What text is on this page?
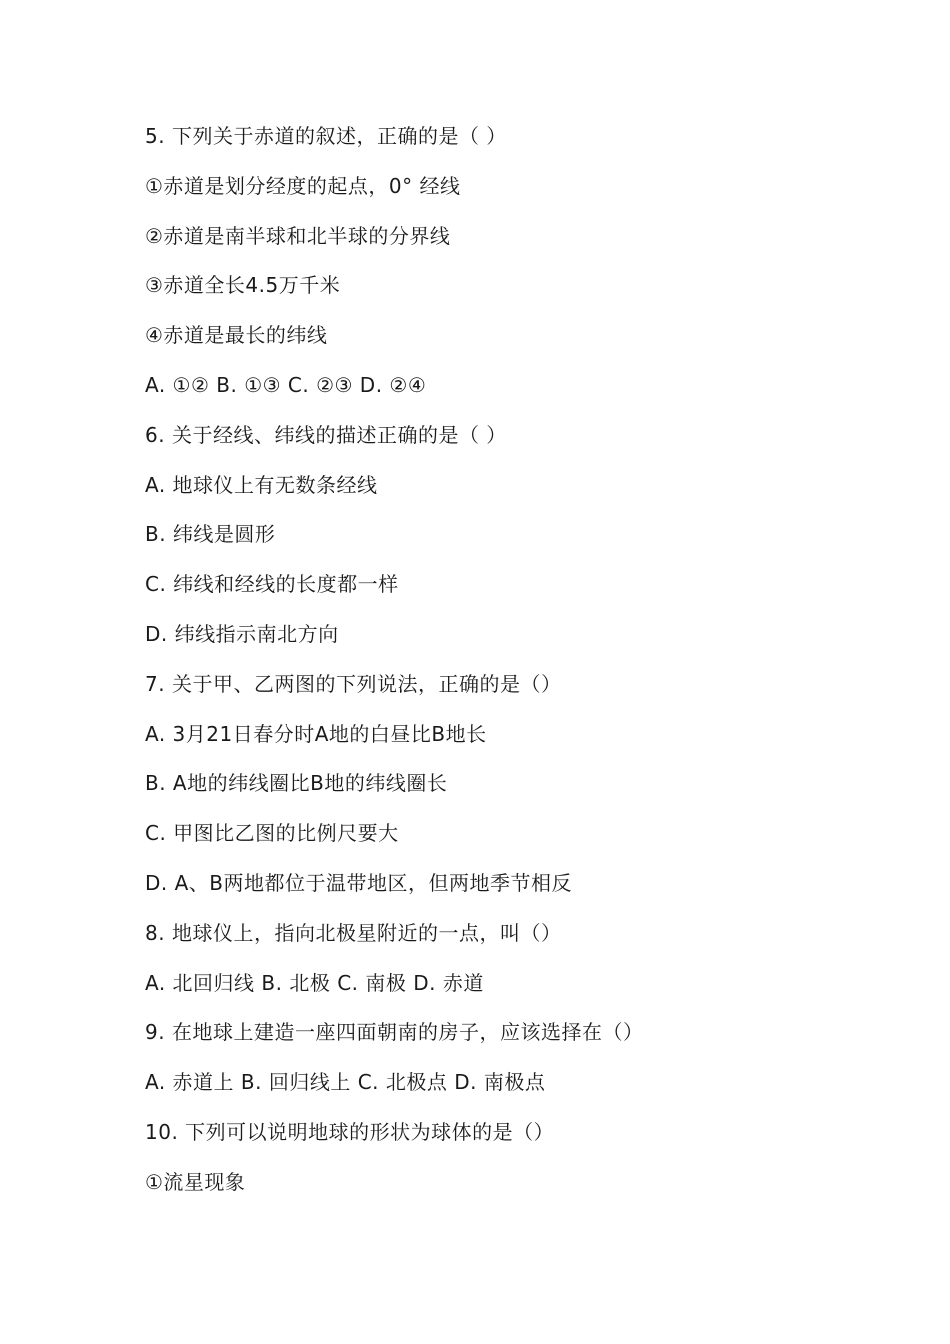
5. 下列关于赤道的叙述，正确的是（ ）
①赤道是划分经度的起点，0° 经线
②赤道是南半球和北半球的分界线
③赤道全长4.5万千米
④赤道是最长的纬线
A. ①② B. ①③ C. ②③ D. ②④
6. 关于经线、纬线的描述正确的是（ ）
A. 地球仪上有无数条经线
B. 纬线是圆形
C. 纬线和经线的长度都一样
D. 纬线指示南北方向
7. 关于甲、乙两图的下列说法，正确的是（）
A. 3月21日春分时A地的白昼比B地长
B. A地的纬线圈比B地的纬线圈长
C. 甲图比乙图的比例尺要大
D. A、B两地都位于温带地区，但两地季节相反
8. 地球仪上，指向北极星附近的一点，叫（）
A. 北回归线 B. 北极 C. 南极 D. 赤道
9. 在地球上建造一座四面朝南的房子，应该选择在（）
A. 赤道上 B. 回归线上 C. 北极点 D. 南极点
10. 下列可以说明地球的形状为球体的是（）
①流星现象
